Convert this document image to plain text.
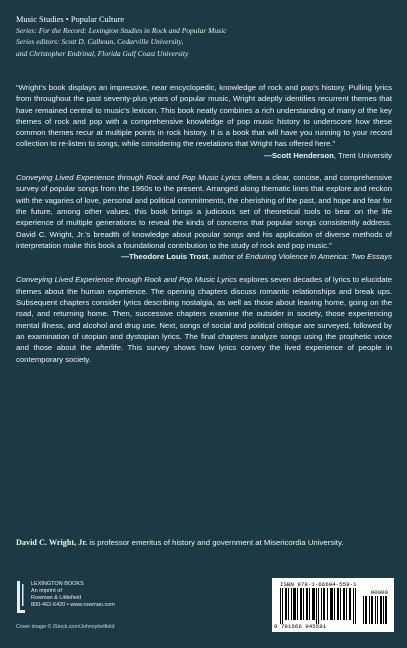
Music Studies • Popular Culture
Series: For the Record: Lexington Studies in Rock and Popular Music
Series editors: Scott D. Calhoun, Cedarville University,
and Christopher Endrinal, Florida Gulf Coast University

“Wright’s book displays an impressive, near encyclopedic, knowledge of rock and pop’s history. Pulling lyrics from throughout the past seventy-plus years of popular music, Wright adeptly identifies recurrent themes that have remained central to music’s lexicon. This book neatly combines a rich understanding of many of the key themes of rock and pop with a comprehensive knowledge of pop music history to underscore how these common themes recur at multiple points in rock history. It is a book that will have you running to your record collection to re-listen to songs, while considering the revelations that Wright has offered here.”

—Scott Henderson, Trent University

Conveying Lived Experience through Rock and Pop Music Lyrics offers a clear, concise, and comprehensive survey of popular songs from the 1960s to the present. Arranged along thematic lines that explore and reckon with the vagaries of love, personal and political commitments, the cherishing of the past, and hope and fear for the future, among other values, this book brings a judicious set of theoretical tools to bear on the life experience of multiple generations to reveal the kinds of concerns that popular songs consistently address. David C. Wright, Jr.’s breadth of knowledge about popular songs and his application of diverse methods of interpretation make this book a foundational contribution to the study of rock and pop music.”

—Theodore Louis Trost, author of Enduring Violence in America: Two Essays

Conveying Lived Experience through Rock and Pop Music Lyrics explores seven decades of lyrics to elucidate themes about the human experience. The opening chapters discuss romantic relationships and break ups. Subsequent chapters consider lyrics describing nostalgia, as well as those about leaving home, going on the road, and returning home. Then, successive chapters examine the outsider in society, those experiencing mental illness, and alcohol and drug use. Next, songs of social and political critique are surveyed, followed by an examination of utopian and dystopian lyrics. The final chapters analyze songs using the prophetic voice and those about the afterlife. This survey shows how lyrics convey the lived experience of people in contemporary society.

David C. Wright, Jr. is professor emeritus of history and government at Misericordia University.
LEXINGTON BOOKS
An imprint of
Rowman & Littlefield
800-462-6420 • www.rowman.com
Cover image © iStock.com/Johnnyhetfield
ISBN 978-1-66694-559-1
90000
9 781666 945591
